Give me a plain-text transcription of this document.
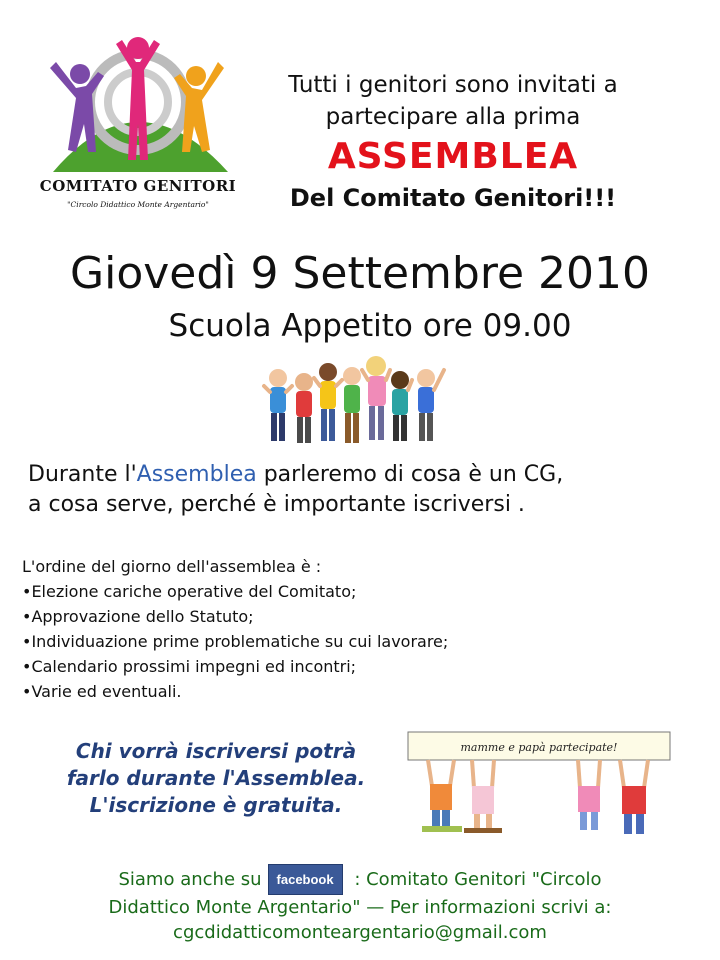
COMITATO GENITORI
"Circolo Didattico Monte Argentario"
Tutti i genitori sono invitati a
partecipare alla prima
ASSEMBLEA
Del Comitato Genitori!!!
Giovedì 9 Settembre 2010
Scuola Appetito ore 09.00
Durante l'Assemblea parleremo di cosa è un CG,
a cosa serve, perché è importante iscriversi .
L'ordine del giorno dell'assemblea è :
• Elezione cariche operative del Comitato;
• Approvazione dello Statuto;
• Individuazione prime problematiche su cui lavorare;
• Calendario prossimi impegni ed incontri;
• Varie ed eventuali.
Chi vorrà iscriversi potrà
farlo durante l'Assemblea.
L'iscrizione è gratuita.
mamme e papà partecipate!
Siamo anche su facebook : Comitato Genitori "Circolo
Didattico Monte Argentario" — Per informazioni scrivi a:
cgcdidatticomonteargentario@gmail.com
